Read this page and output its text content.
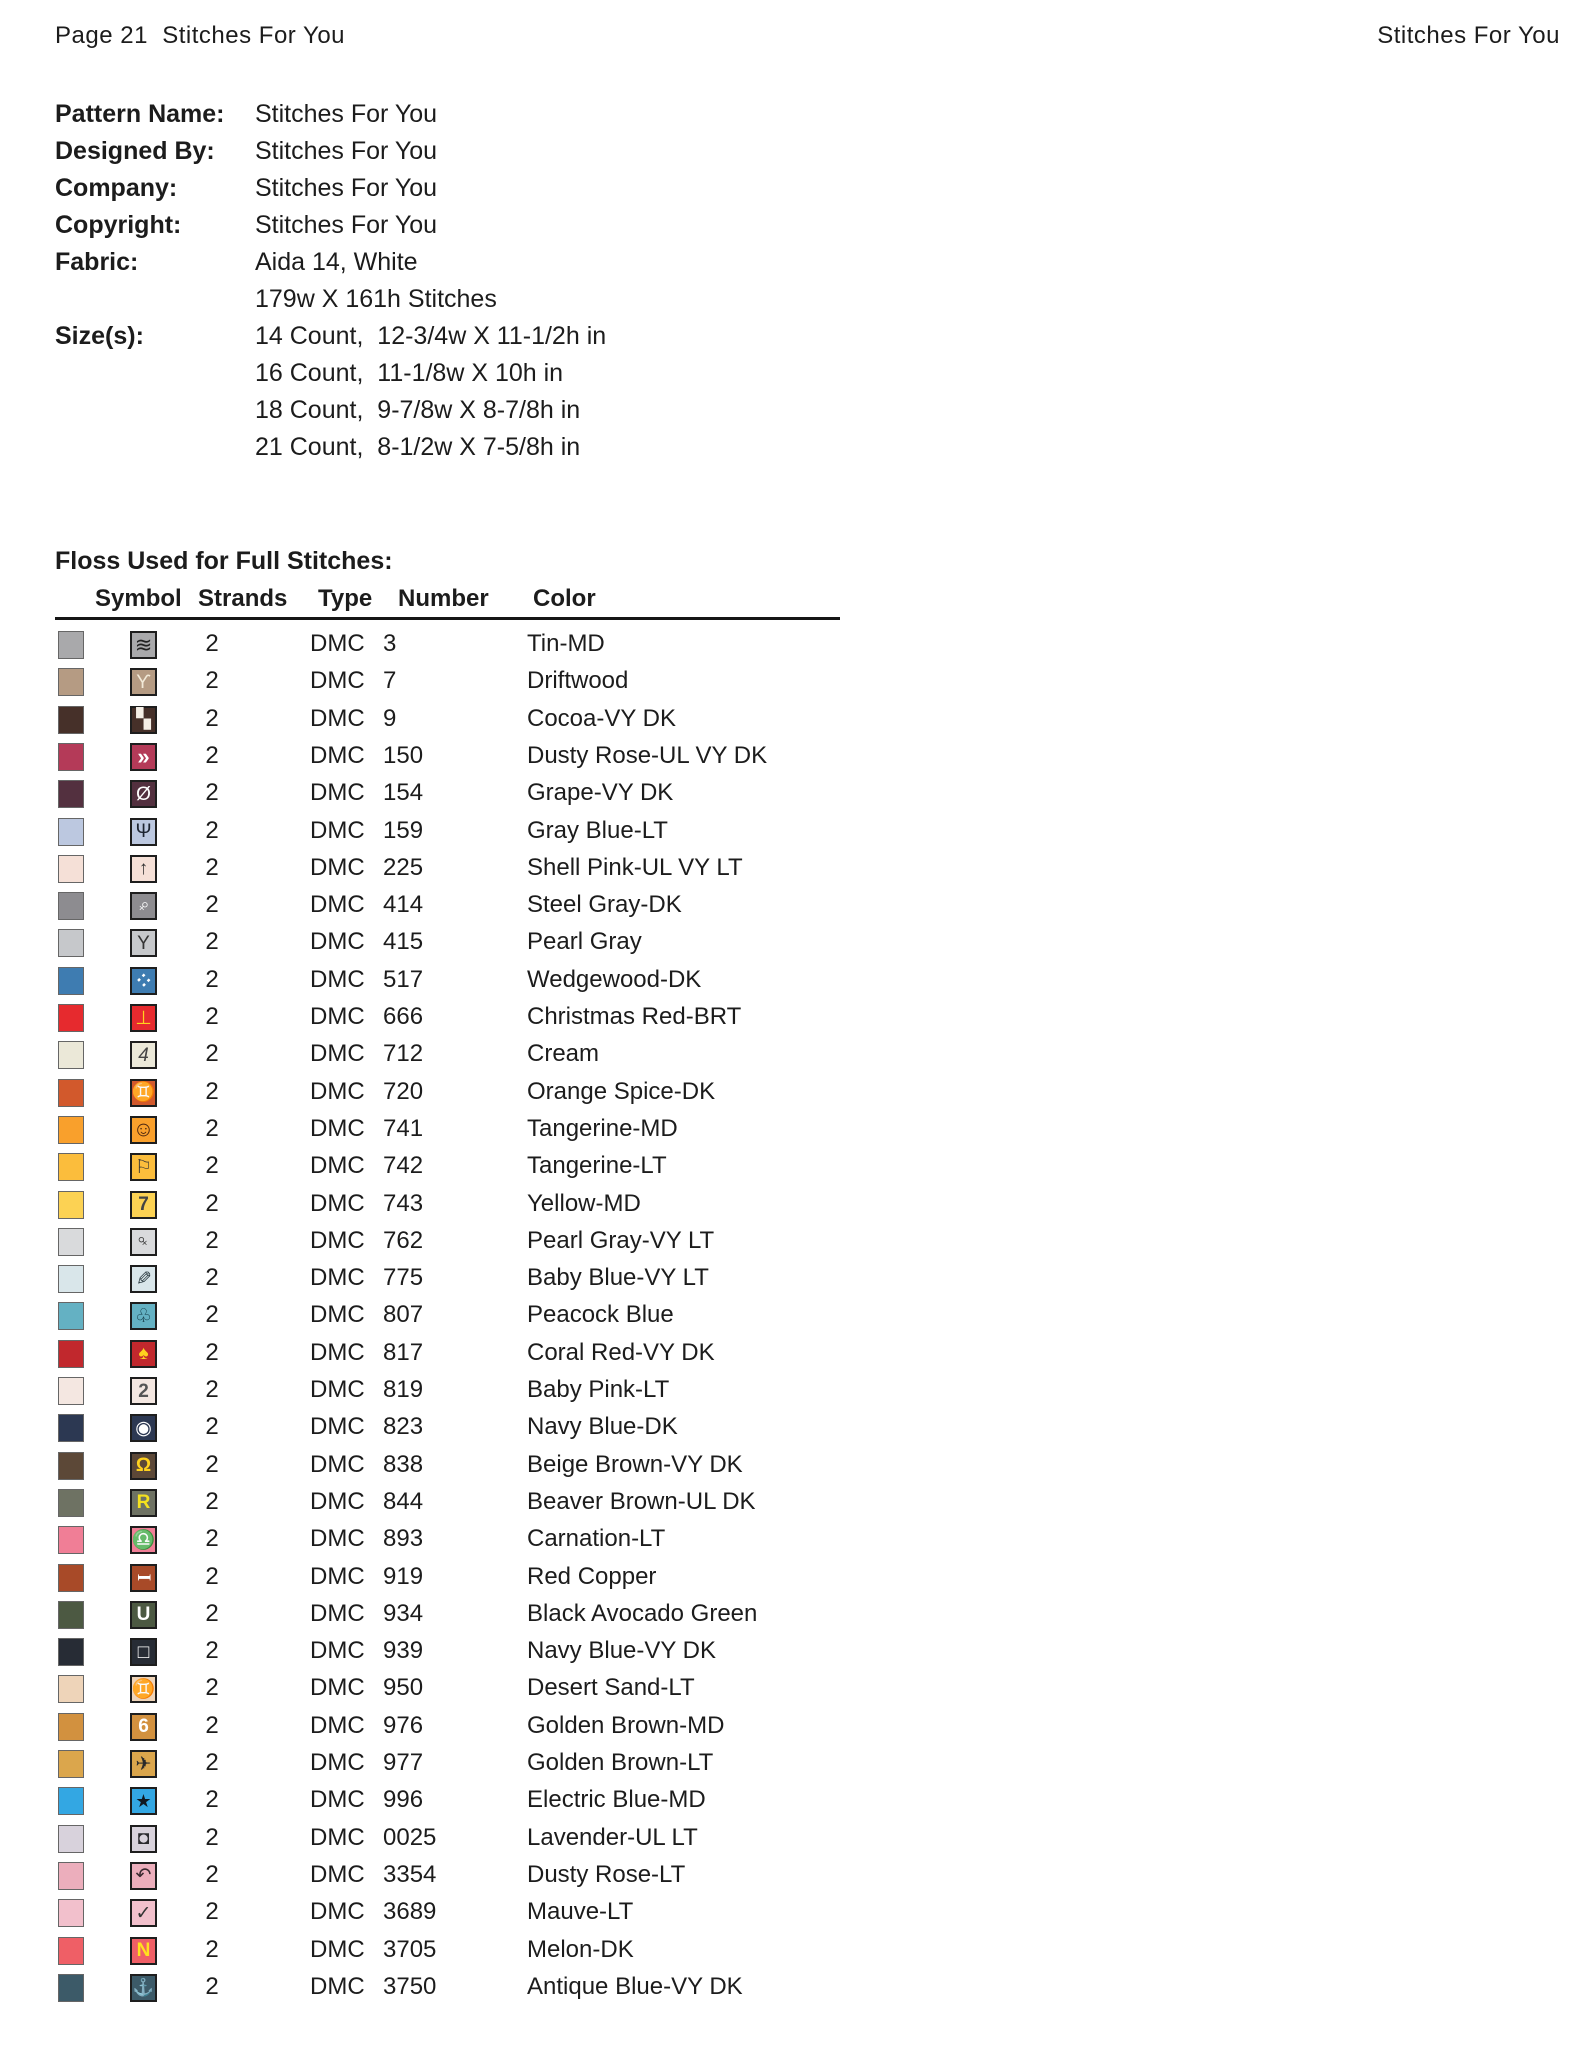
Page 21  Stitches For You	Stitches For You
Pattern Name: Stitches For You
Designed By: Stitches For You
Company:	Stitches For You
Copyright:	Stitches For You
Fabric:	Aida 14, White
179w X 161h Stitches
Size(s):	14 Count,  12-3/4w X 11-1/2h in
16 Count,  11-1/8w X 10h in
18 Count,  9-7/8w X 8-7/8h in
21 Count,  8-1/2w X 7-5/8h in
Floss Used for Full Stitches:
Symbol Strands Type Number Color
≋	2	DMC 3	Tin-MD
ϒ	2	DMC 7	Driftwood
▚	2	DMC 9	Cocoa-VY DK
»	2	DMC 150	Dusty Rose-UL VY DK
Ø	2	DMC 154	Grape-VY DK
Ψ	2	DMC 159	Gray Blue-LT
↑	2	DMC 225	Shell Pink-UL VY LT
♀	2	DMC 414	Steel Gray-DK
Y	2	DMC 415	Pearl Gray
∷	2	DMC 517	Wedgewood-DK
⊥	2	DMC 666	Christmas Red-BRT
4	2	DMC 712	Cream
♊	2	DMC 720	Orange Spice-DK
☺	2	DMC 741	Tangerine-MD
⚐	2	DMC 742	Tangerine-LT
7	2	DMC 743	Yellow-MD
♀	2	DMC 762	Pearl Gray-VY LT
✎	2	DMC 775	Baby Blue-VY LT
♧	2	DMC 807	Peacock Blue
♠	2	DMC 817	Coral Red-VY DK
2	2	DMC 819	Baby Pink-LT
◉	2	DMC 823	Navy Blue-DK
Ω	2	DMC 838	Beige Brown-VY DK
R	2	DMC 844	Beaver Brown-UL DK
♎	2	DMC 893	Carnation-LT
I	2	DMC 919	Red Copper
U	2	DMC 934	Black Avocado Green
□	2	DMC 939	Navy Blue-VY DK
♊	2	DMC 950	Desert Sand-LT
6	2	DMC 976	Golden Brown-MD
✈	2	DMC 977	Golden Brown-LT
★	2	DMC 996	Electric Blue-MD
◘	2	DMC 0025	Lavender-UL LT
↶	2	DMC 3354	Dusty Rose-LT
✓	2	DMC 3689	Mauve-LT
N	2	DMC 3705	Melon-DK
⚓	2	DMC 3750	Antique Blue-VY DK
